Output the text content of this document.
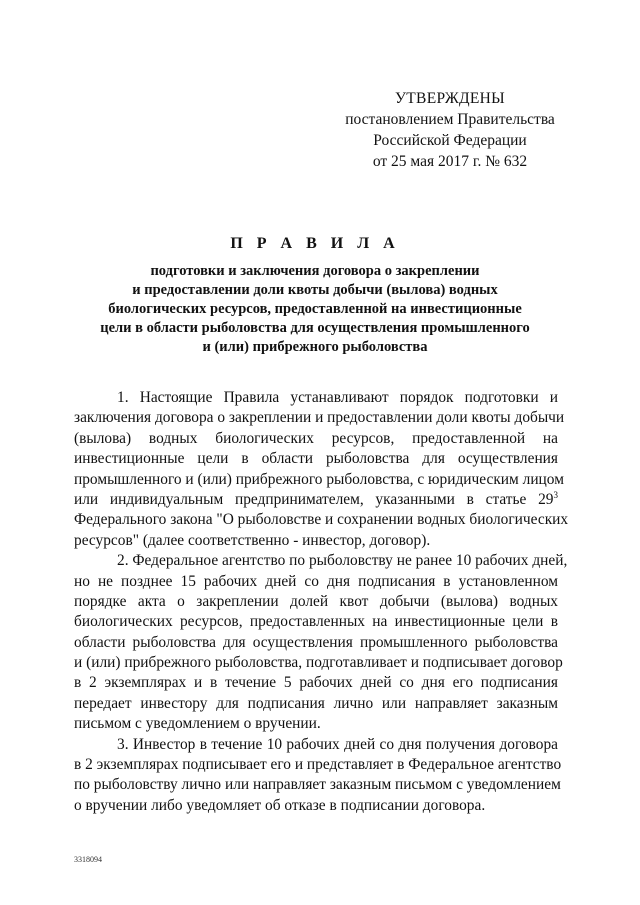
УТВЕРЖДЕНЫ
постановлением Правительства
Российской Федерации
от 25 мая 2017 г. № 632
П Р А В И Л А
подготовки и заключения договора о закреплении
и предоставлении доли квоты добычи (вылова) водных
биологических ресурсов, предоставленной на инвестиционные
цели в области рыболовства для осуществления промышленного
и (или) прибрежного рыболовства
1. Настоящие Правила устанавливают порядок подготовки и
заключения договора о закреплении и предоставлении доли квоты добычи
(вылова) водных биологических ресурсов, предоставленной на
инвестиционные цели в области рыболовства для осуществления
промышленного и (или) прибрежного рыболовства, с юридическим лицом
или индивидуальным предпринимателем, указанными в статье $29^3$
Федерального закона "О рыболовстве и сохранении водных биологических
ресурсов" (далее соответственно - инвестор, договор).
2. Федеральное агентство по рыболовству не ранее 10 рабочих дней,
но не позднее 15 рабочих дней со дня подписания в установленном
порядке акта о закреплении долей квот добычи (вылова) водных
биологических ресурсов, предоставленных на инвестиционные цели в
области рыболовства для осуществления промышленного рыболовства
и (или) прибрежного рыболовства, подготавливает и подписывает договор
в 2 экземплярах и в течение 5 рабочих дней со дня его подписания
передает инвестору для подписания лично или направляет заказным
письмом с уведомлением о вручении.
3. Инвестор в течение 10 рабочих дней со дня получения договора
в 2 экземплярах подписывает его и представляет в Федеральное агентство
по рыболовству лично или направляет заказным письмом с уведомлением
о вручении либо уведомляет об отказе в подписании договора.
3318094
